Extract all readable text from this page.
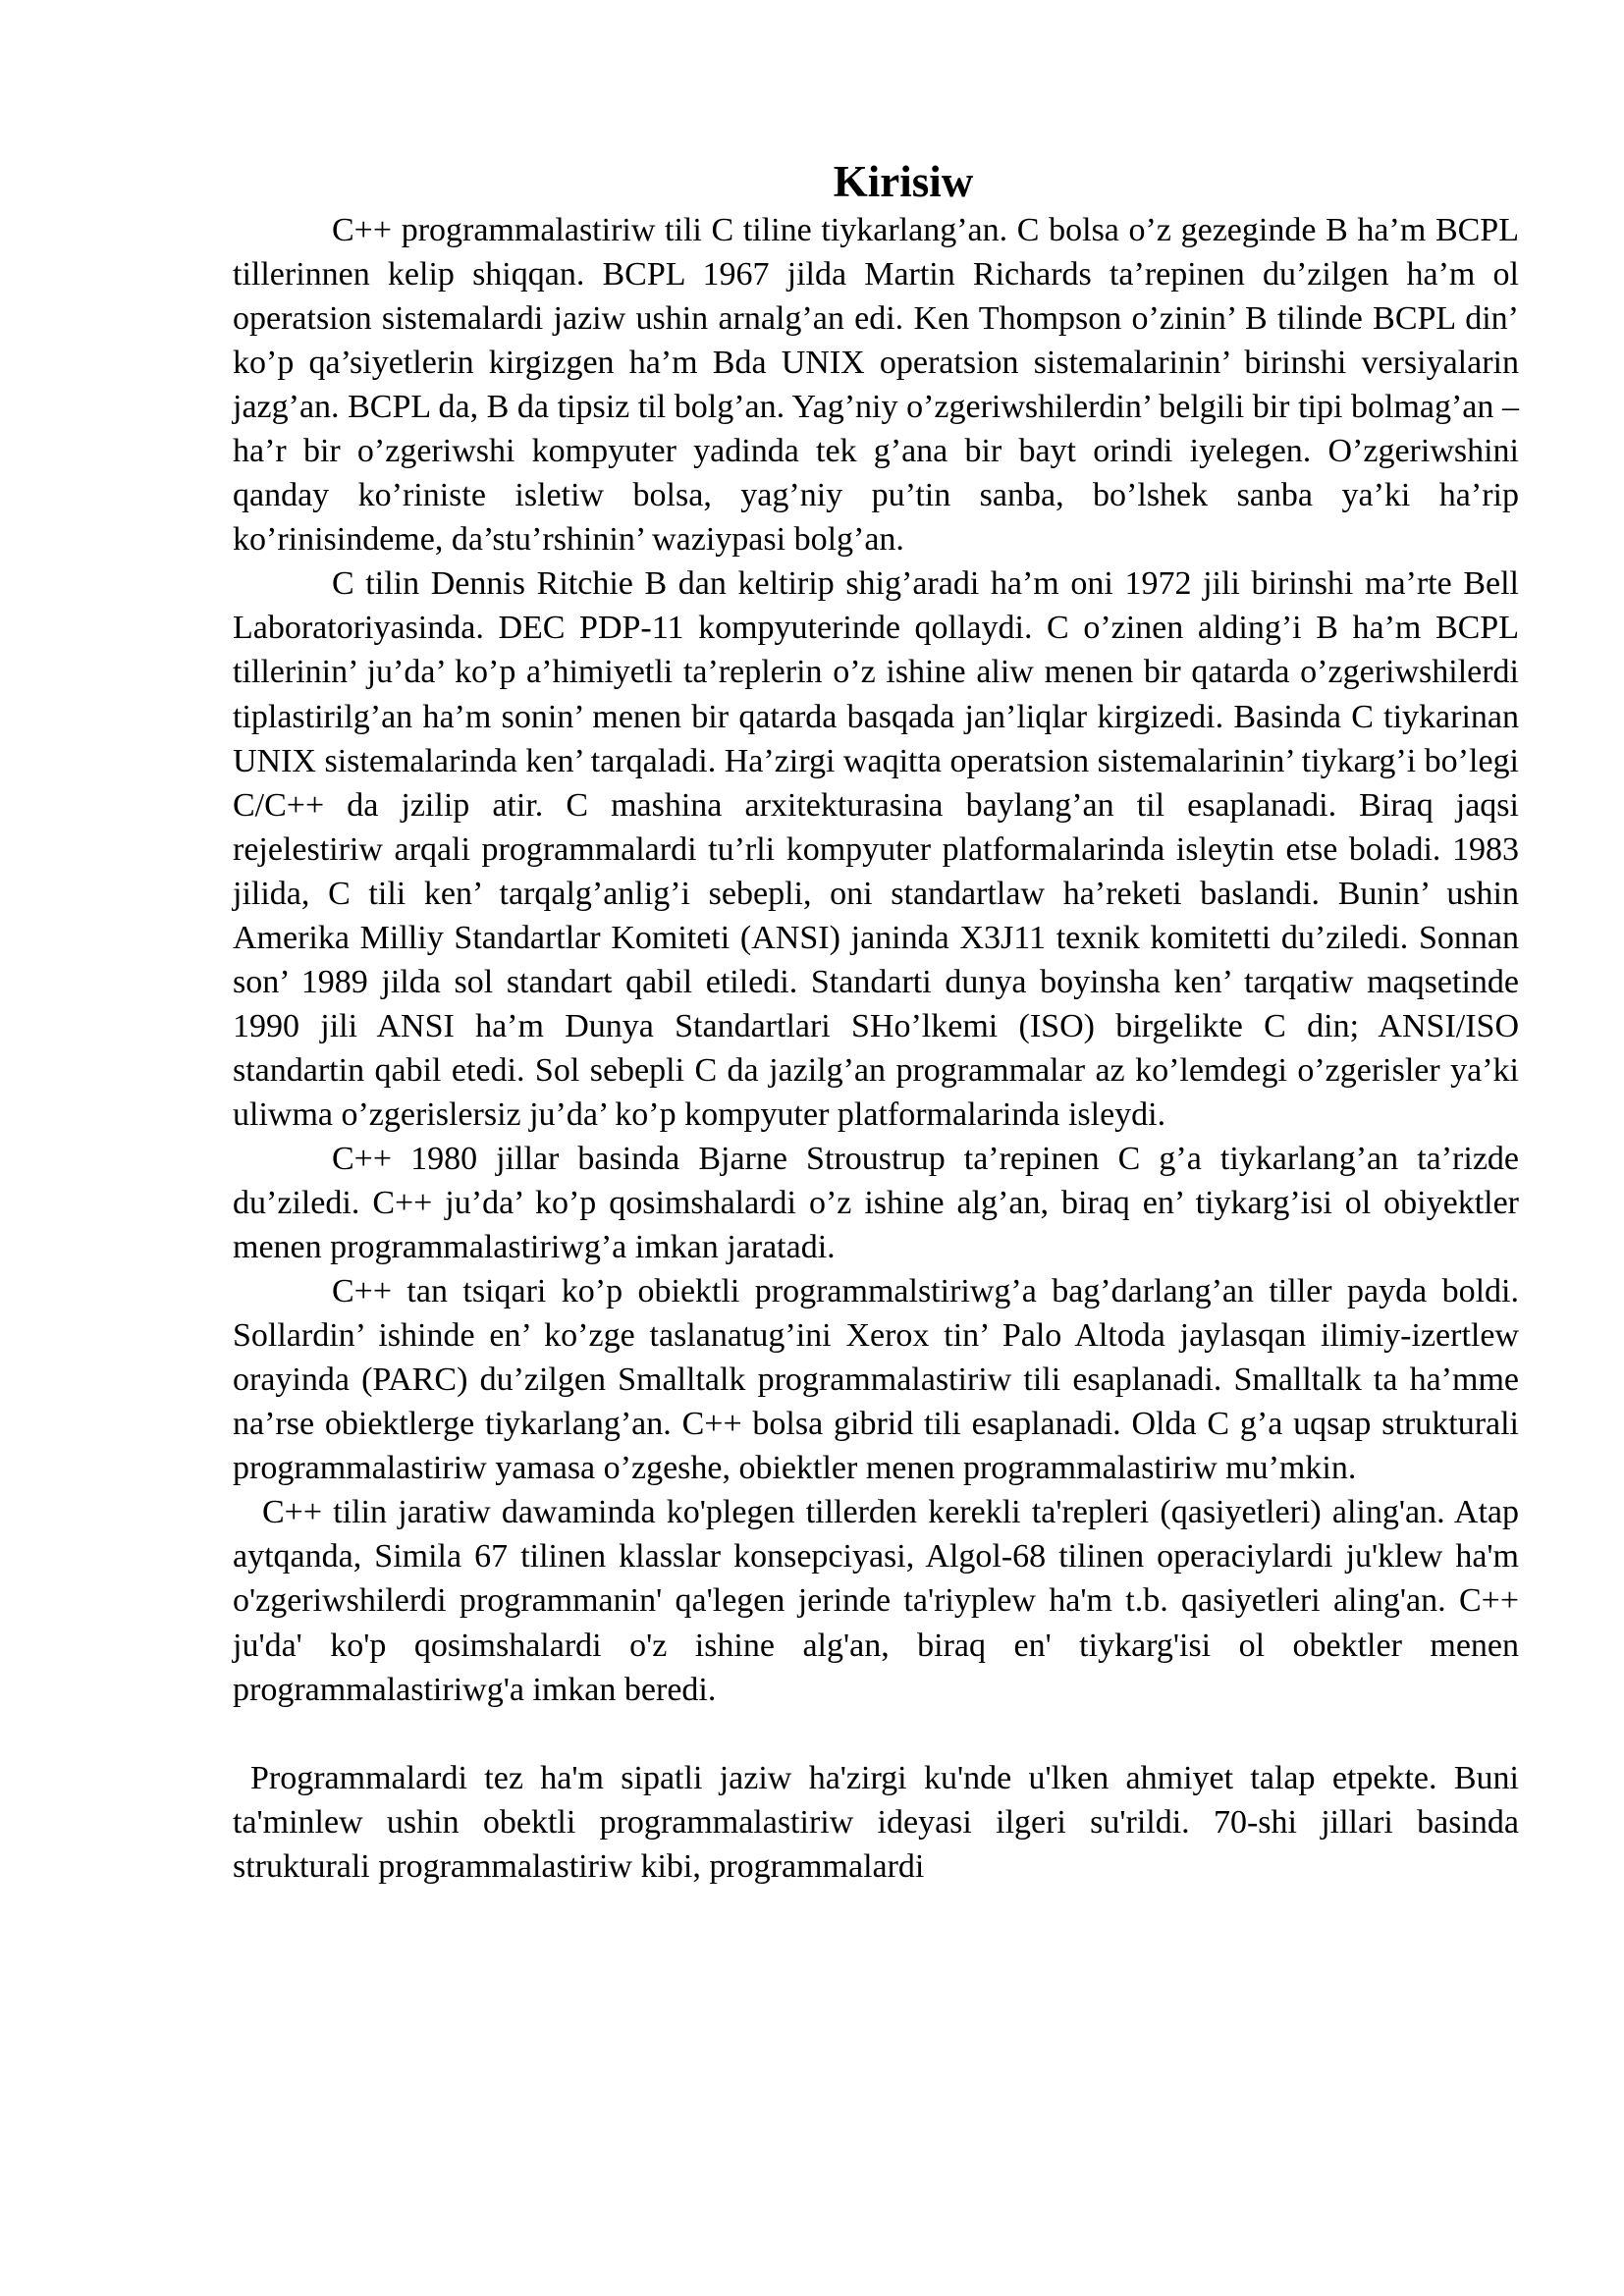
Kirisiw

C++ programmalastiriw tili C tiline tiykarlang’an. C bolsa o’z gezeginde B ha’m BCPL tillerinnen kelip shiqqan. BCPL 1967 jilda Martin Richards ta’repinen du’zilgen ha’m ol operatsion sistemalardi jaziw ushin arnalg’an edi. Ken Thompson o’zinin’ B tilinde BCPL din’ ko’p qa’siyetlerin kirgizgen ha’m Bda UNIX operatsion sistemalarinin’ birinshi versiyalarin jazg’an. BCPL da, B da tipsiz til bolg’an. Yag’niy o’zgeriwshilerdin’ belgili bir tipi bolmag’an – ha’r bir o’zgeriwshi kompyuter yadinda tek g’ana bir bayt orindi iyelegen. O’zgeriwshini qanday ko’riniste isletiw bolsa, yag’niy pu’tin sanba, bo’lshek sanba ya’ki ha’rip ko’rinisindeme, da’stu’rshinin’ waziypasi bolg’an.

C tilin Dennis Ritchie B dan keltirip shig’aradi ha’m oni 1972 jili birinshi ma’rte Bell Laboratoriyasinda. DEC PDP-11 kompyuterinde qollaydi. C o’zinen alding’i B ha’m BCPL tillerinin’ ju’da’ ko’p a’himiyetli ta’replerin o’z ishine aliw menen bir qatarda o’zgeriwshilerdi tiplastirilg’an ha’m sonin’ menen bir qatarda basqada jan’liqlar kirgizedi. Basinda C tiykarinan UNIX sistemalarinda ken’ tarqaladi. Ha’zirgi waqitta operatsion sistemalarinin’ tiykarg’i bo’legi C/C++ da jzilip atir. C mashina arxitekturasina baylang’an til esaplanadi. Biraq jaqsi rejelestiriw arqali programmalardi tu’rli kompyuter platformalarinda isleytin etse boladi. 1983 jilida, C tili ken’ tarqalg’anlig’i sebepli, oni standartlaw ha’reketi baslandi. Bunin’ ushin Amerika Milliy Standartlar Komiteti (ANSI) janinda X3J11 texnik komitetti du’ziledi. Sonnan son’ 1989 jilda sol standart qabil etiledi. Standarti dunya boyinsha ken’ tarqatiw maqsetinde 1990 jili ANSI ha’m Dunya Standartlari SHo’lkemi (ISO) birgelikte C din; ANSI/ISO standartin qabil etedi. Sol sebepli C da jazilg’an programmalar az ko’lemdegi o’zgerisler ya’ki uliwma o’zgerislersiz ju’da’ ko’p kompyuter platformalarinda isleydi.

C++ 1980 jillar basinda Bjarne Stroustrup ta’repinen C g’a tiykarlang’an ta’rizde du’ziledi. C++ ju’da’ ko’p qosimshalardi o’z ishine alg’an, biraq en’ tiykarg’isi ol obiyektler menen programmalastiriwg’a imkan jaratadi.

C++ tan tsiqari ko’p obiektli programmalstiriwg’a bag’darlang’an tiller payda boldi. Sollardin’ ishinde en’ ko’zge taslanatug’ini Xerox tin’ Palo Altoda jaylasqan ilimiy-izertlew orayinda (PARC) du’zilgen Smalltalk programmalastiriw tili esaplanadi. Smalltalk ta ha’mme na’rse obiektlerge tiykarlang’an. C++ bolsa gibrid tili esaplanadi. Olda C g’a uqsap strukturali programmalastiriw yamasa o’zgeshe, obiektler menen programmalastiriw mu’mkin.

C++ tilin jaratiw dawaminda ko'plegen tillerden kerekli ta'repleri (qasiyetleri) aling'an. Atap aytqanda, Simila 67 tilinen klasslar konsepciyasi, Algol-68 tilinen operaciylardi ju'klew ha'm o'zgeriwshilerdi programmanin' qa'legen jerinde ta'riyplew ha'm t.b. qasiyetleri aling'an. C++ ju'da' ko'p qosimshalardi o'z ishine alg'an, biraq en' tiykarg'isi ol obektler menen programmalastiriwg'a imkan beredi.

Programmalardi tez ha'm sipatli jaziw ha'zirgi ku'nde u'lken ahmiyet talap etpekte. Buni ta'minlew ushin obektli programmalastiriw ideyasi ilgeri su'rildi. 70-shi jillari basinda strukturali programmalastiriw kibi, programmalardi
